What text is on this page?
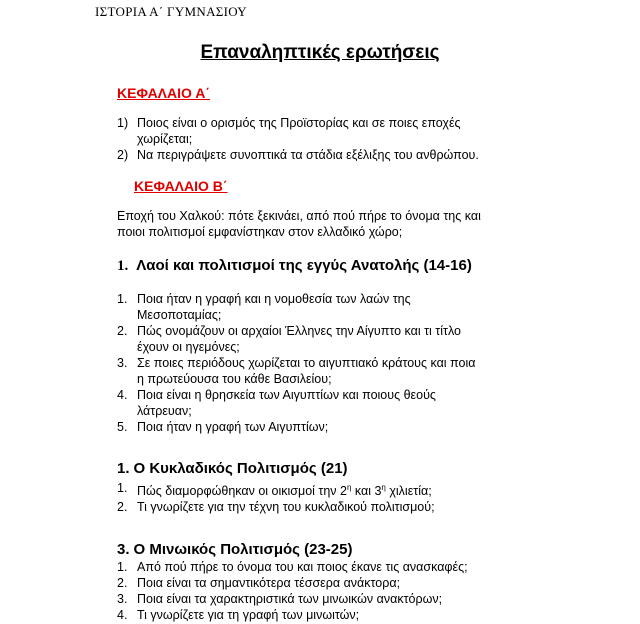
ΙΣΤΟΡΙΑ Α΄ ΓΥΜΝΑΣΙΟΥ
Επαναληπτικές ερωτήσεις
ΚΕΦΑΛΑΙΟ Α΄
1) Ποιος είναι ο ορισμός της Προϊστορίας και σε ποιες εποχές
χωρίζεται;
2) Να περιγράψετε συνοπτικά τα στάδια εξέλιξης του ανθρώπου.
ΚΕΦΑΛΑΙΟ Β΄
Εποχή του Χαλκού: πότε ξεκινάει, από πού πήρε το όνομα της και
ποιοι πολιτισμοί εμφανίστηκαν στον ελλαδικό χώρο;
1. Λαοί και πολιτισμοί της εγγύς Ανατολής (14-16)
1. Ποια ήταν η γραφή και η νομοθεσία των λαών της
Μεσοποταμίας;
2. Πώς ονομάζουν οι αρχαίοι Έλληνες την Αίγυπτο και τι τίτλο
έχουν οι ηγεμόνες;
3. Σε ποιες περιόδους χωρίζεται το αιγυπτιακό κράτους και ποια
η πρωτεύουσα του κάθε Βασιλείου;
4. Ποια είναι η θρησκεία των Αιγυπτίων και ποιους θεούς
λάτρευαν;
5. Ποια ήταν η γραφή των Αιγυπτίων;
1. Ο Κυκλαδικός Πολιτισμός (21)
1. Πώς διαμορφώθηκαν οι οικισμοί την $2^\eta$ και $3^\eta$ χιλιετία;
2. Τι γνωρίζετε για την τέχνη του κυκλαδικού πολιτισμού;
3. Ο Μινωικός Πολιτισμός (23-25)
1. Από πού πήρε το όνομα του και ποιος έκανε τις ανασκαφές;
2. Ποια είναι τα σημαντικότερα τέσσερα ανάκτορα;
3. Ποια είναι τα χαρακτηριστικά των μινωικών ανακτόρων;
4. Τι γνωρίζετε για τη γραφή των μινωιτών;
